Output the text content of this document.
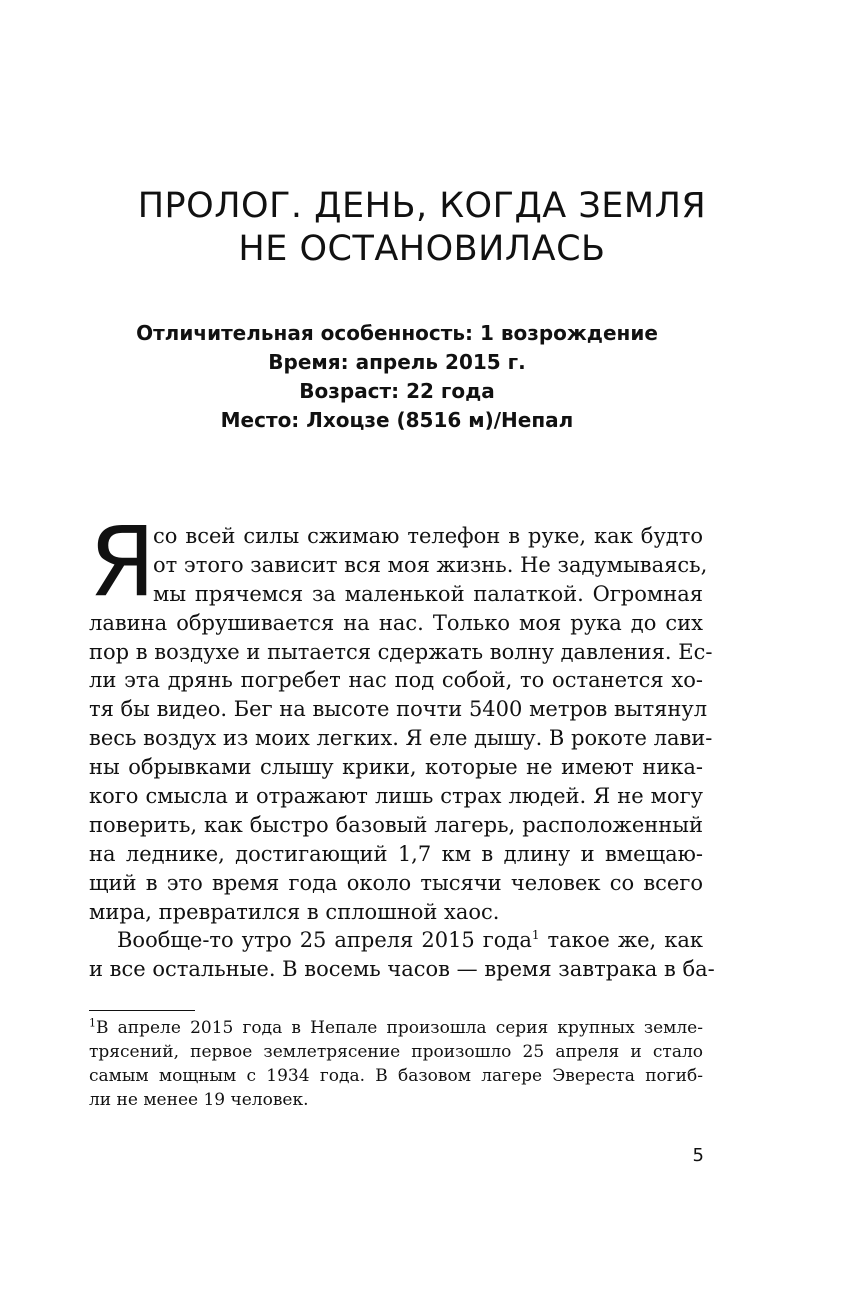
ПРОЛОГ. ДЕНЬ, КОГДА ЗЕМЛЯ
НЕ ОСТАНОВИЛАСЬ
Отличительная особенность: 1 возрождение
Время: апрель 2015 г.
Возраст: 22 года
Место: Лхоцзе (8516 м)/Непал
Я
со всей силы сжимаю телефон в руке, как будто
от этого зависит вся моя жизнь. Не задумываясь,
мы прячемся за маленькой палаткой. Огромная
лавина обрушивается на нас. Только моя рука до сих
пор в воздухе и пытается сдержать волну давления. Ес-
ли эта дрянь погребет нас под собой, то останется хо-
тя бы видео. Бег на высоте почти 5400 метров вытянул
весь воздух из моих легких. Я еле дышу. В рокоте лави-
ны обрывками слышу крики, которые не имеют ника-
кого смысла и отражают лишь страх людей. Я не могу
поверить, как быстро базовый лагерь, расположенный
на леднике, достигающий 1,7 км в длину и вмещаю-
щий в это время года около тысячи человек со всего
мира, превратился в сплошной хаос.
Вообще-то утро 25 апреля 2015 года$^1$ такое же, как
и все остальные. В восемь часов — время завтрака в ба-
$^1$В апреле 2015 года в Непале произошла серия крупных земле-
трясений, первое землетрясение произошло 25 апреля и стало
самым мощным с 1934 года. В базовом лагере Эвереста погиб-
ли не менее 19 человек.
5
